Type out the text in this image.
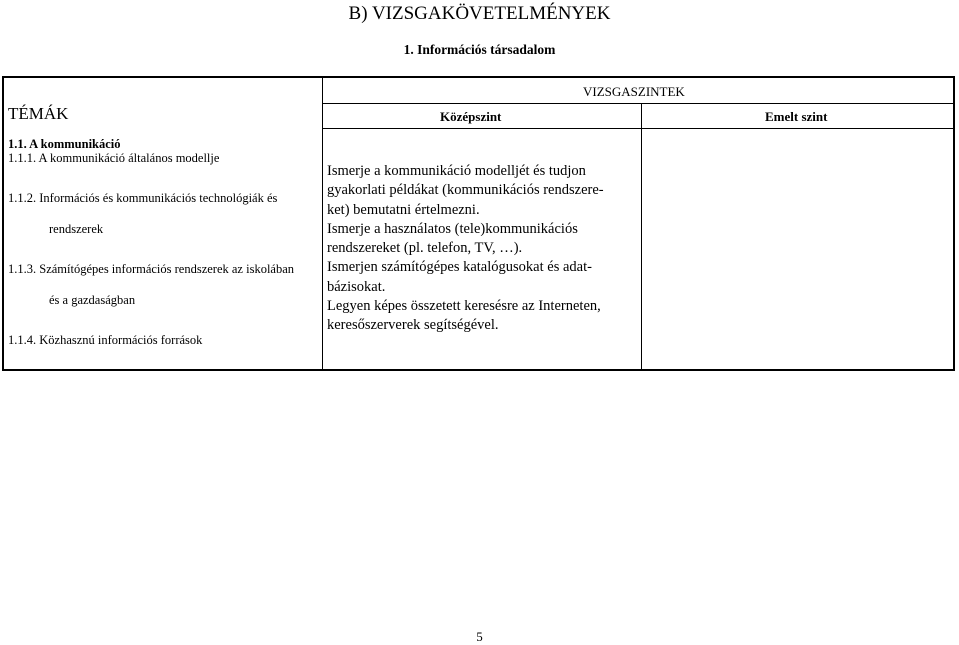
B) VIZSGAKÖVETELMÉNYEK
1. Információs társadalom
TÉMÁK
VIZSGASZINTEK
Középszint	Emelt szint
1.1. A kommunikáció
1.1.1. A kommunikáció általános modellje
1.1.2. Információs és kommunikációs technológiák és
rendszerek
1.1.3. Számítógépes információs rendszerek az iskolában
és a gazdaságban
1.1.4. Közhasznú információs források
Ismerje a kommunikáció modelljét és tudjon
gyakorlati példákat (kommunikációs rendszere-
ket) bemutatni értelmezni.
Ismerje a használatos (tele)kommunikációs
rendszereket (pl. telefon, TV, …).
Ismerjen számítógépes katalógusokat és adat-
bázisokat.
Legyen képes összetett keresésre az Interneten,
keresőszerverek segítségével.
5
